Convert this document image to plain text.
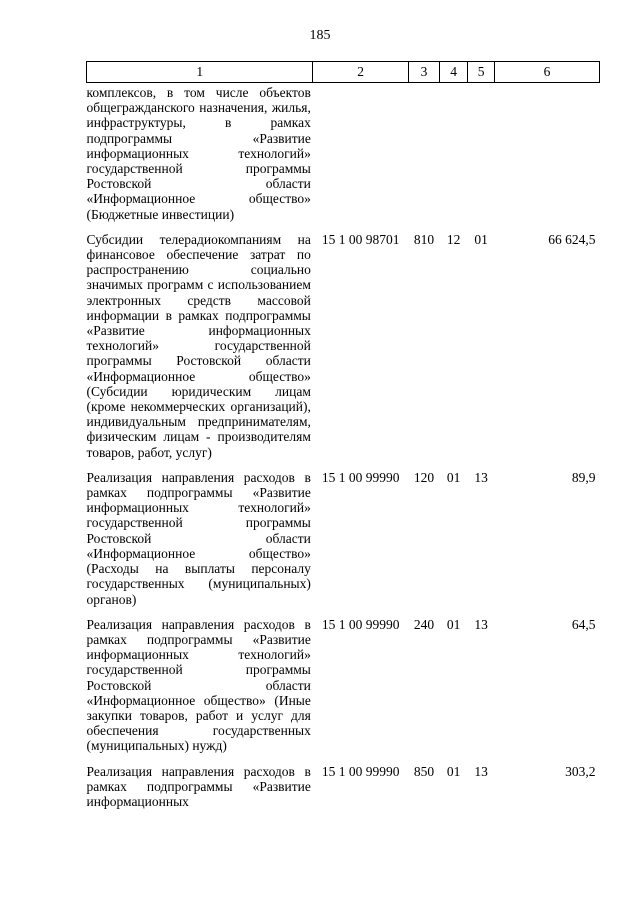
185
1	2	3	4	5	6
комплексов, в том числе объектов общегражданского назначения, жилья, инфраструктуры, в рамках подпрограммы «Развитие информационных технологий» государственной программы Ростовской области «Информационное общество» (Бюджетные инвестиции)					
Субсидии телерадиокомпаниям на финансовое обеспечение затрат по распространению социально значимых программ с использованием электронных средств массовой информации в рамках подпрограммы «Развитие информационных технологий» государственной программы Ростовской области «Информационное общество» (Субсидии юридическим лицам (кроме некоммерческих организаций), индивидуальным предпринимателям, физическим лицам - производителям товаров, работ, услуг)	15 1 00 98701	810	12	01	66 624,5
Реализация направления расходов в рамках подпрограммы «Развитие информационных технологий» государственной программы Ростовской области «Информационное общество» (Расходы на выплаты персоналу государственных (муниципальных) органов)	15 1 00 99990	120	01	13	89,9
Реализация направления расходов в рамках подпрограммы «Развитие информационных технологий» государственной программы Ростовской области «Информационное общество» (Иные закупки товаров, работ и услуг для обеспечения государственных (муниципальных) нужд)	15 1 00 99990	240	01	13	64,5
Реализация направления расходов в рамках подпрограммы «Развитие информационных	15 1 00 99990	850	01	13	303,2
